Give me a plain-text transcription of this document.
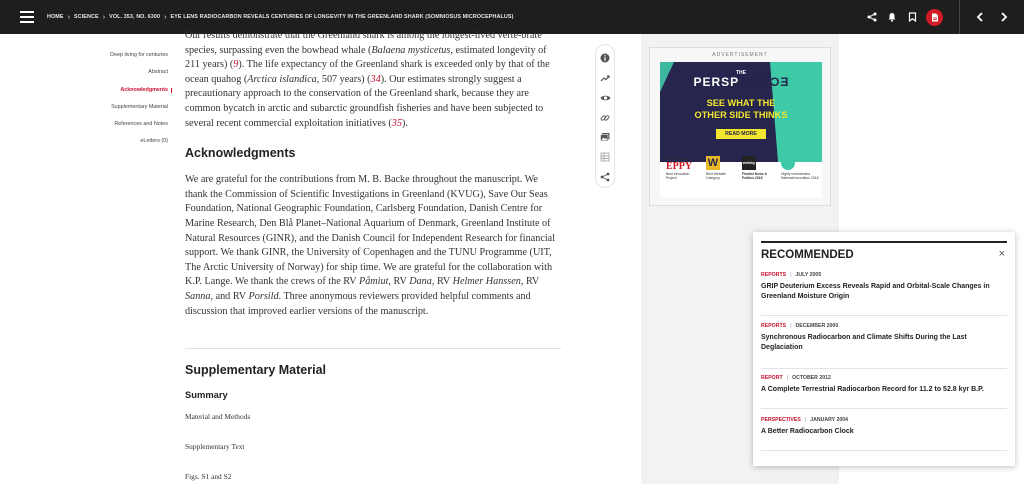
HOME › SCIENCE › VOL. 353, NO. 6300 › EYE LENS RADIOCARBON REVEALS CENTURIES OF LONGEVITY IN THE GREENLAND SHARK (SOMNIOSUS MICROCEPHALUS)
Deep living for centuries
Abstract
Acknowledgments
Supplementary Material
References and Notes
eLetters (0)

Our results demonstrate that the Greenland shark is among the longest-lived verte-brate species, surpassing even the bowhead whale (Balaena mysticetus, estimated longevity of 211 years) (9). The life expectancy of the Greenland shark is exceeded only by that of the ocean quahog (Arctica islandica, 507 years) (34). Our estimates strongly suggest a precautionary approach to the conservation of the Greenland shark, because they are common bycatch in arctic and subarctic groundfish fisheries and have been subjected to several recent commercial exploitation initiatives (35).

Acknowledgments

We are grateful for the contributions from M. B. Backe throughout the manuscript. We thank the Commission of Scientific Investigations in Greenland (KVUG), Save Our Seas Foundation, National Geographic Foundation, Carlsberg Foundation, Danish Centre for Marine Research, Den Blå Planet–National Aquarium of Denmark, Greenland Institute of Natural Resources (GINR), and the Danish Council for Independent Research for financial support. We thank GINR, the University of Copenhagen and the TUNU Programme (UIT, The Arctic University of Norway) for ship time. We are grateful for the collaboration with K.P. Lange. We thank the crews of the RV Påmiut, RV Dana, RV Helmer Hanssen, RV Sanna, and RV Porsild. Three anonymous reviewers provided helpful comments and discussion that improved earlier versions of the manuscript.

Supplementary Material
Summary

Material and Methods

Supplementary Text

Figs. S1 and S2

ADVERTISEMENT
THE
PERSPECTIVE
SEE WHAT THE
OTHER SIDE THINKS
READ MORE
EDITOR&PUBLISHER
EPPY
Best Innovation Project
W
Best Website Category
webby
Finalist News & Politics 2018
Highly commended National Innovation 2018
RECOMMENDED	×
REPORTS | JULY 2005
GRIP Deuterium Excess Reveals Rapid and Orbital-Scale Changes in Greenland Moisture Origin
REPORTS | DECEMBER 2000
Synchronous Radiocarbon and Climate Shifts During the Last Deglaciation
REPORT | OCTOBER 2012
A Complete Terrestrial Radiocarbon Record for 11.2 to 52.8 kyr B.P.
PERSPECTIVES | JANUARY 2004
A Better Radiocarbon Clock
